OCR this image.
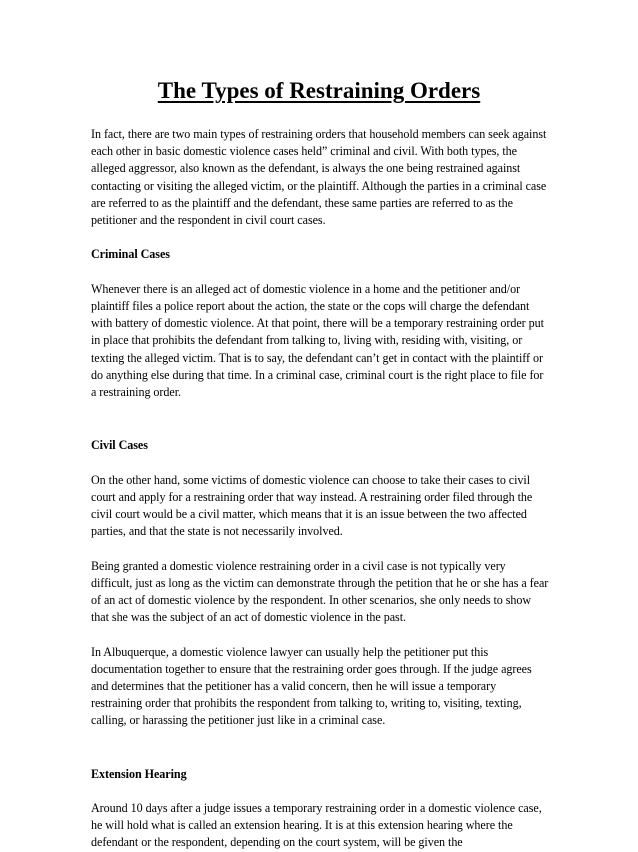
The Types of Restraining Orders

In fact, there are two main types of restraining orders that household members can seek against each other in basic domestic violence cases held” criminal and civil. With both types, the alleged aggressor, also known as the defendant, is always the one being restrained against contacting or visiting the alleged victim, or the plaintiff. Although the parties in a criminal case are referred to as the plaintiff and the defendant, these same parties are referred to as the petitioner and the respondent in civil court cases.

Criminal Cases

Whenever there is an alleged act of domestic violence in a home and the petitioner and/or plaintiff files a police report about the action, the state or the cops will charge the defendant with battery of domestic violence. At that point, there will be a temporary restraining order put in place that prohibits the defendant from talking to, living with, residing with, visiting, or texting the alleged victim. That is to say, the defendant can’t get in contact with the plaintiff or do anything else during that time. In a criminal case, criminal court is the right place to file for a restraining order.

Civil Cases

On the other hand, some victims of domestic violence can choose to take their cases to civil court and apply for a restraining order that way instead. A restraining order filed through the civil court would be a civil matter, which means that it is an issue between the two affected parties, and that the state is not necessarily involved.

Being granted a domestic violence restraining order in a civil case is not typically very difficult, just as long as the victim can demonstrate through the petition that he or she has a fear of an act of domestic violence by the respondent. In other scenarios, she only needs to show that she was the subject of an act of domestic violence in the past.

In Albuquerque, a domestic violence lawyer can usually help the petitioner put this documentation together to ensure that the restraining order goes through. If the judge agrees and determines that the petitioner has a valid concern, then he will issue a temporary restraining order that prohibits the respondent from talking to, writing to, visiting, texting, calling, or harassing the petitioner just like in a criminal case.

Extension Hearing

Around 10 days after a judge issues a temporary restraining order in a domestic violence case, he will hold what is called an extension hearing. It is at this extension hearing where the defendant or the respondent, depending on the court system, will be given the
